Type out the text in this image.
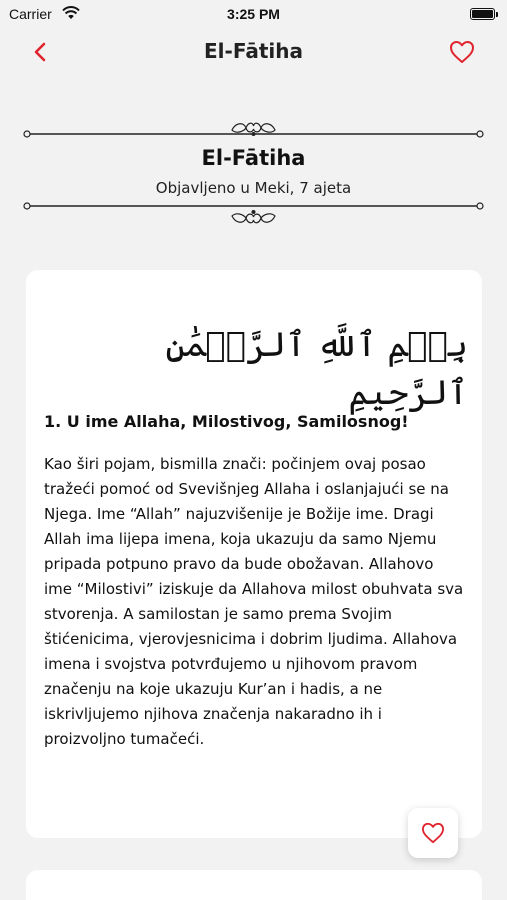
Carrier	3:25 PM
El-Fātiha
El-Fātiha
Objavljeno u Meki, 7 ajeta
بِسۡمِ ٱللَّهِ ٱلرَّحۡمَٰنِ ٱلرَّحِيمِ
1. U ime Allaha, Milostivog, Samilosnog!
Kao širi pojam, bismilla znači: počinjem ovaj posao tražeći pomoć od Svevišnjeg Allaha i oslanjajući se na Njega. Ime “Allah” najuzvišenije je Božije ime. Dragi Allah ima lijepa imena, koja ukazuju da samo Njemu pripada potpuno pravo da bude obožavan. Allahovo ime “Milostivi” iziskuje da Allahova milost obuhvata sva stvorenja. A samilostan je samo prema Svojim štićenicima, vjerovjesnicima i dobrim ljudima. Allahova imena i svojstva potvrđujemo u njihovom pravom značenju na koje ukazuju Kur’an i hadis, a ne iskrivljujemo njihova značenja nakaradno ih i proizvoljno tumačeći.
